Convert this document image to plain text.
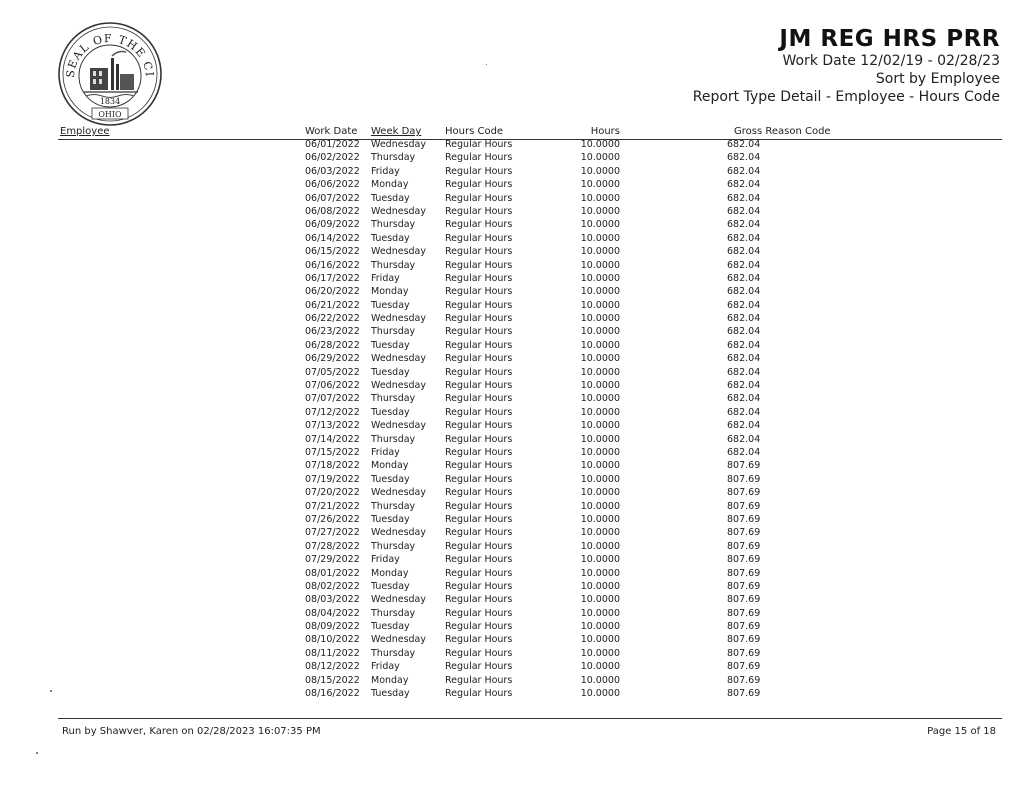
SEAL OF THE CI
1834
OHIO
JM REG HRS PRR
Work Date 12/02/19 - 02/28/23
Sort by Employee
Report Type Detail - Employee - Hours Code
Employee	Work Date Week Day Hours Code	Hours	Gross Reason Code
06/01/2022 Wednesday Regular Hours	10.0000	682.04
06/02/2022 Thursday	Regular Hours	10.0000	682.04
06/03/2022 Friday	Regular Hours	10.0000	682.04
06/06/2022 Monday	Regular Hours	10.0000	682.04
06/07/2022 Tuesday	Regular Hours	10.0000	682.04
06/08/2022 Wednesday Regular Hours	10.0000	682.04
06/09/2022 Thursday	Regular Hours	10.0000	682.04
06/14/2022 Tuesday	Regular Hours	10.0000	682.04
06/15/2022 Wednesday Regular Hours	10.0000	682.04
06/16/2022 Thursday	Regular Hours	10.0000	682.04
06/17/2022 Friday	Regular Hours	10.0000	682.04
06/20/2022 Monday	Regular Hours	10.0000	682.04
06/21/2022 Tuesday	Regular Hours	10.0000	682.04
06/22/2022 Wednesday Regular Hours	10.0000	682.04
06/23/2022 Thursday	Regular Hours	10.0000	682.04
06/28/2022 Tuesday	Regular Hours	10.0000	682.04
06/29/2022 Wednesday Regular Hours	10.0000	682.04
07/05/2022 Tuesday	Regular Hours	10.0000	682.04
07/06/2022 Wednesday Regular Hours	10.0000	682.04
07/07/2022 Thursday	Regular Hours	10.0000	682.04
07/12/2022 Tuesday	Regular Hours	10.0000	682.04
07/13/2022 Wednesday Regular Hours	10.0000	682.04
07/14/2022 Thursday	Regular Hours	10.0000	682.04
07/15/2022 Friday	Regular Hours	10.0000	682.04
07/18/2022 Monday	Regular Hours	10.0000	807.69
07/19/2022 Tuesday	Regular Hours	10.0000	807.69
07/20/2022 Wednesday Regular Hours	10.0000	807.69
07/21/2022 Thursday	Regular Hours	10.0000	807.69
07/26/2022 Tuesday	Regular Hours	10.0000	807.69
07/27/2022 Wednesday Regular Hours	10.0000	807.69
07/28/2022 Thursday	Regular Hours	10.0000	807.69
07/29/2022 Friday	Regular Hours	10.0000	807.69
08/01/2022 Monday	Regular Hours	10.0000	807.69
08/02/2022 Tuesday	Regular Hours	10.0000	807.69
08/03/2022 Wednesday Regular Hours	10.0000	807.69
08/04/2022 Thursday	Regular Hours	10.0000	807.69
08/09/2022 Tuesday	Regular Hours	10.0000	807.69
08/10/2022 Wednesday Regular Hours	10.0000	807.69
08/11/2022 Thursday	Regular Hours	10.0000	807.69
08/12/2022 Friday	Regular Hours	10.0000	807.69
08/15/2022 Monday	Regular Hours	10.0000	807.69
08/16/2022 Tuesday	Regular Hours	10.0000	807.69
Run by Shawver, Karen on 02/28/2023 16:07:35 PM	Page 15 of 18
